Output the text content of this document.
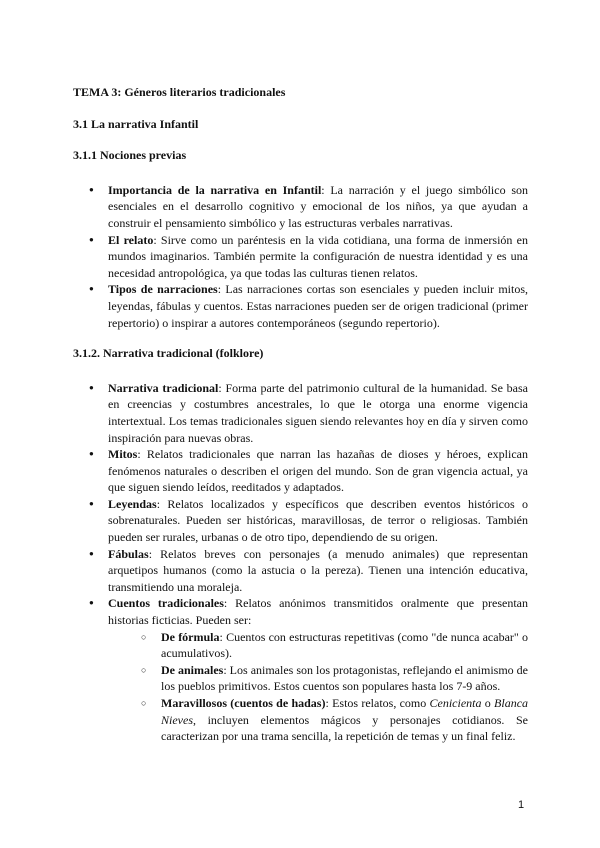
TEMA 3: Géneros literarios tradicionales
3.1 La narrativa Infantil
3.1.1 Nociones previas
● Importancia de la narrativa en Infantil: La narración y el juego simbólico son esenciales en el desarrollo cognitivo y emocional de los niños, ya que ayudan a construir el pensamiento simbólico y las estructuras verbales narrativas.
● El relato: Sirve como un paréntesis en la vida cotidiana, una forma de inmersión en mundos imaginarios. También permite la configuración de nuestra identidad y es una necesidad antropológica, ya que todas las culturas tienen relatos.
● Tipos de narraciones: Las narraciones cortas son esenciales y pueden incluir mitos, leyendas, fábulas y cuentos. Estas narraciones pueden ser de origen tradicional (primer repertorio) o inspirar a autores contemporáneos (segundo repertorio).
3.1.2. Narrativa tradicional (folklore)
● Narrativa tradicional: Forma parte del patrimonio cultural de la humanidad. Se basa en creencias y costumbres ancestrales, lo que le otorga una enorme vigencia intertextual. Los temas tradicionales siguen siendo relevantes hoy en día y sirven como inspiración para nuevas obras.
● Mitos: Relatos tradicionales que narran las hazañas de dioses y héroes, explican fenómenos naturales o describen el origen del mundo. Son de gran vigencia actual, ya que siguen siendo leídos, reeditados y adaptados.
● Leyendas: Relatos localizados y específicos que describen eventos históricos o sobrenaturales. Pueden ser históricas, maravillosas, de terror o religiosas. También pueden ser rurales, urbanas o de otro tipo, dependiendo de su origen.
● Fábulas: Relatos breves con personajes (a menudo animales) que representan arquetipos humanos (como la astucia o la pereza). Tienen una intención educativa, transmitiendo una moraleja.
● Cuentos tradicionales: Relatos anónimos transmitidos oralmente que presentan historias ficticias. Pueden ser:
○ De fórmula: Cuentos con estructuras repetitivas (como "de nunca acabar" o acumulativos).
○ De animales: Los animales son los protagonistas, reflejando el animismo de los pueblos primitivos. Estos cuentos son populares hasta los 7-9 años.
○ Maravillosos (cuentos de hadas): Estos relatos, como Cenicienta o Blanca Nieves, incluyen elementos mágicos y personajes cotidianos. Se caracterizan por una trama sencilla, la repetición de temas y un final feliz.
1
